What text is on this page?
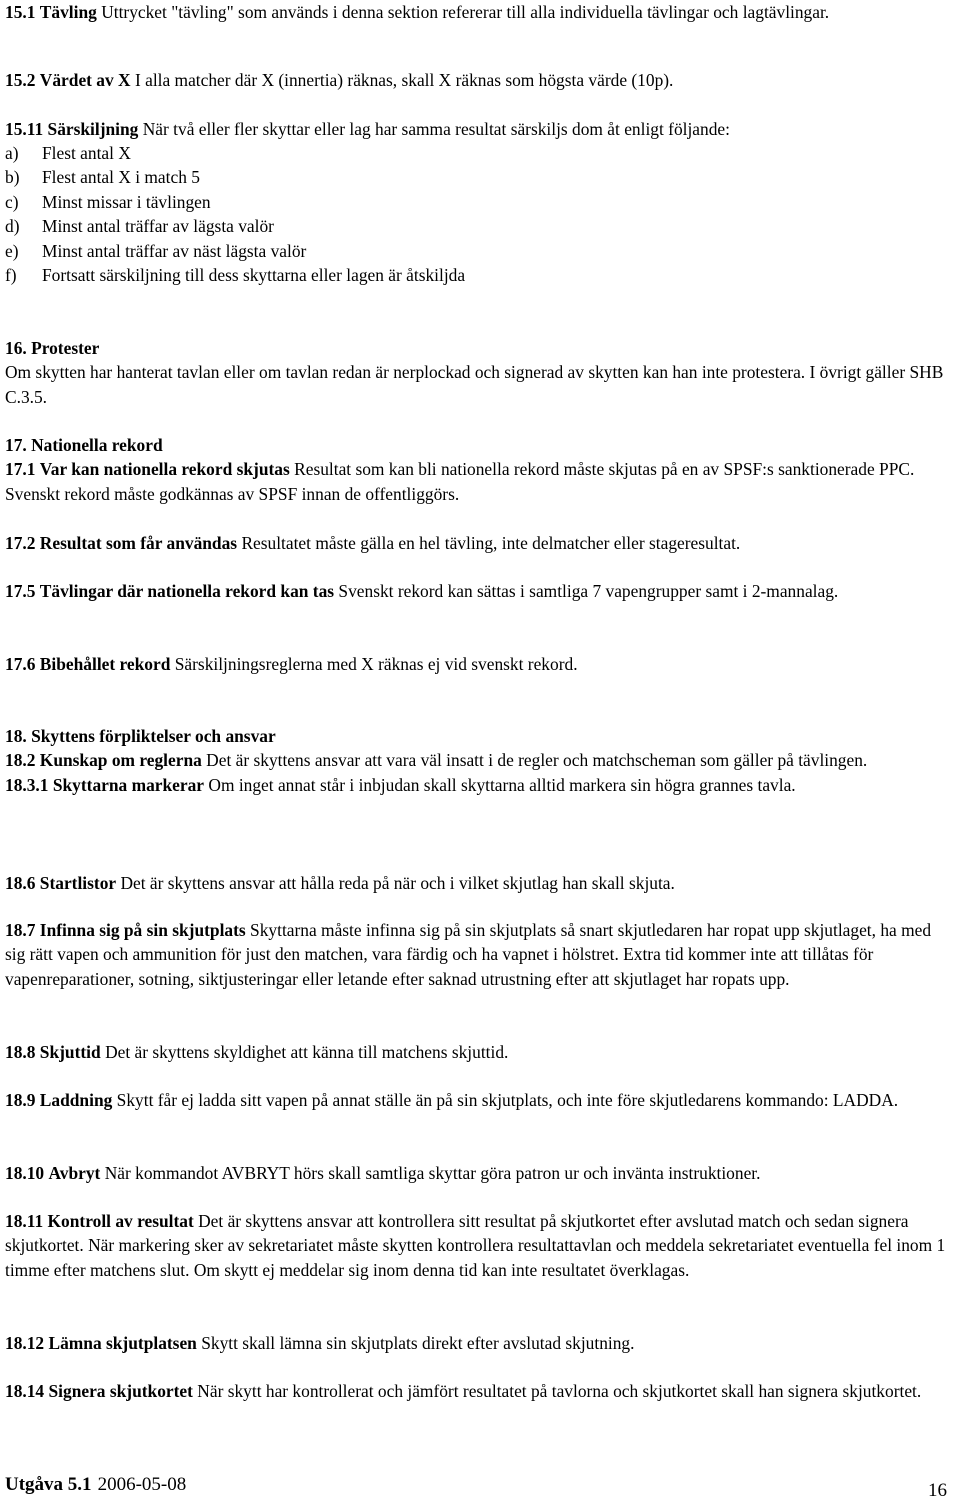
15.1 Tävling Uttrycket "tävling" som används i denna sektion refererar till alla individuella tävlingar och lagtävlingar.

15.2 Värdet av X I alla matcher där X (innertia) räknas, skall X räknas som högsta värde (10p).

15.11 Särskiljning När två eller fler skyttar eller lag har samma resultat särskiljs dom åt enligt följande:

a) Flest antal X
b) Flest antal X i match 5
c) Minst missar i tävlingen
d) Minst antal träffar av lägsta valör
e) Minst antal träffar av näst lägsta valör
f) Fortsatt särskiljning till dess skyttarna eller lagen är åtskiljda

16. Protester

Om skytten har hanterat tavlan eller om tavlan redan är nerplockad och signerad av skytten kan han inte protestera. I övrigt gäller SHB C.3.5.

17. Nationella rekord

17.1 Var kan nationella rekord skjutas Resultat som kan bli nationella rekord måste skjutas på en av SPSF:s sanktionerade PPC. Svenskt rekord måste godkännas av SPSF innan de offentliggörs.

17.2 Resultat som får användas Resultatet måste gälla en hel tävling, inte delmatcher eller stageresultat.

17.5 Tävlingar där nationella rekord kan tas Svenskt rekord kan sättas i samtliga 7 vapengrupper samt i 2-mannalag.

17.6 Bibehållet rekord Särskiljningsreglerna med X räknas ej vid svenskt rekord.

18. Skyttens förpliktelser och ansvar

18.2 Kunskap om reglerna Det är skyttens ansvar att vara väl insatt i de regler och matchscheman som gäller på tävlingen.

18.3.1 Skyttarna markerar Om inget annat står i inbjudan skall skyttarna alltid markera sin högra grannes tavla.

18.6 Startlistor Det är skyttens ansvar att hålla reda på när och i vilket skjutlag han skall skjuta.

18.7 Infinna sig på sin skjutplats Skyttarna måste infinna sig på sin skjutplats så snart skjutledaren har ropat upp skjutlaget, ha med sig rätt vapen och ammunition för just den matchen, vara färdig och ha vapnet i hölstret. Extra tid kommer inte att tillåtas för vapenreparationer, sotning, siktjusteringar eller letande efter saknad utrustning efter att skjutlaget har ropats upp.

18.8 Skjuttid Det är skyttens skyldighet att känna till matchens skjuttid.

18.9 Laddning Skytt får ej ladda sitt vapen på annat ställe än på sin skjutplats, och inte före skjutledarens kommando: LADDA.

18.10 Avbryt När kommandot AVBRYT hörs skall samtliga skyttar göra patron ur och invänta instruktioner.

18.11 Kontroll av resultat Det är skyttens ansvar att kontrollera sitt resultat på skjutkortet efter avslutad match och sedan signera skjutkortet. När markering sker av sekretariatet måste skytten kontrollera resultattavlan och meddela sekretariatet eventuella fel inom 1 timme efter matchens slut. Om skytt ej meddelar sig inom denna tid kan inte resultatet överklagas.

18.12 Lämna skjutplatsen Skytt skall lämna sin skjutplats direkt efter avslutad skjutning.

18.14 Signera skjutkortet När skytt har kontrollerat och jämfört resultatet på tavlorna och skjutkortet skall han signera skjutkortet.

Utgåva 5.1 2006-05-08	16
